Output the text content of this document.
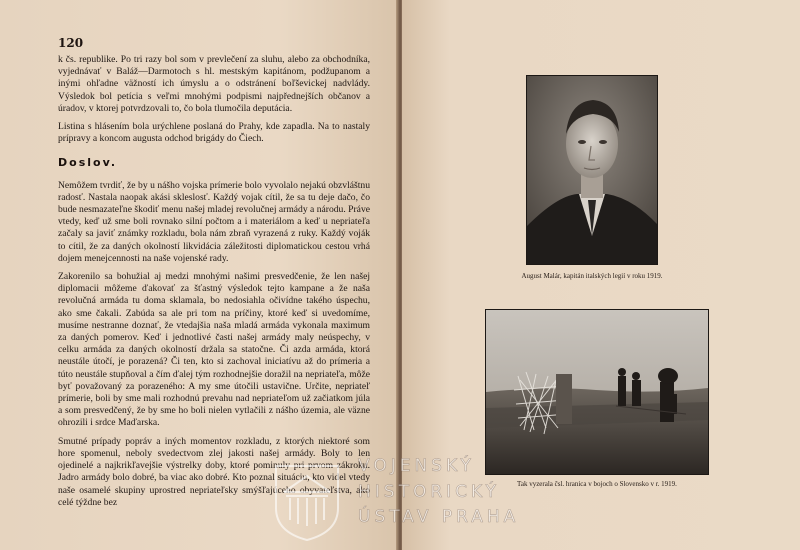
120

k čs. republike. Po tri razy bol som v prevlečení za sluhu, alebo za obchodníka, vyjednávať v Baláž—Darmotoch s hl. mestským kapitánom, podžupanom a inými ohľadne väžností ich úmyslu a o odstránení boľševickej nadvlády. Výsledok bol petícia s veľmi mnohými podpismi najpřednejších občanov a úradov, v ktorej potvrdzovali to, čo bola tlumočila deputácia.

Listina s hlásením bola urýchlene poslaná do Prahy, kde zapadla. Na to nastaly prípravy a koncom augusta odchod brigády do Čiech.

Doslov.

Nemôžem tvrdiť, že by u nášho vojska prímerie bolo vyvolalo nejakú obzvláštnu radosť. Nastala naopak akási skleslosť. Každý vojak cítil, že sa tu deje dačo, čo bude nesmazateľne škodiť menu našej mladej revolučnej armády a národu. Práve vtedy, keď už sme boli rovnako silní počtom a i materiálom a keď u nepriateľa začaly sa javiť známky rozkladu, bola nám zbraň vyrazená z ruky. Každý voják to cítil, že za daných okolností likvidácia záležitosti diplomatickou cestou vrhá dojem menejcennosti na naše vojenské rady.

Zakorenilo sa bohužial aj medzi mnohými našimi presvedčenie, že len našej diplomacii môžeme ďakovať za šťastný výsledok tejto kampane a že naša revolučná armáda tu doma sklamala, bo nedosiahla očivídne takého úspechu, ako sme čakali. Zabúda sa ale pri tom na príčiny, ktoré keď si uvedomíme, musíme nestranne doznať, že vtedajšia naša mladá armáda vykonala maximum za daných pomerov. Keď i jednotlivé časti našej armády maly neúspechy, v celku armáda za daných okolností držala sa statočne. Či azda armáda, ktorá neustále útočí, je porazená? Či ten, kto si zachoval iniciatívu až do prímeria a tútо neustále stupňoval a čím ďalej tým rozhodnejšie doražil na nepriateľa, môže byť považovaný za porazeného: A my sme útočili ustavične. Určite, nepriateľ prímerie, boli by sme mali rozhodnú prevahu nad nepriateľom už začiatkom júla a som presvedčený, že by sme ho boli nielen vytlačili z nášho územia, ale väzne ohrozili i srdce Maďarska.

Smutné prípady popráv a iných momentov rozkladu, z ktorých niektoré som hore spomenul, neboly svedectvom zlej jakosti našej armády. Boly to len ojedinelé a najkrikľavejšie výstrelky doby, ktoré pominuly pri prvom zákroku. Jadro armády bolo dobré, ba viac ako dobré. Kto poznal situáciu, kto videl vtedy naše osamelé skupiny uprostred nepriateľsky smýšľajúceho obyvateľstva, ako celé týždne bez

August Malár, kapitán italských legií v roku 1919.
Tak vyzerala čsl. hranica v bojoch o Slovensko v r. 1919.
VOJENSKÝ
HISTORICKÝ
ÚSTAV PRAHA
